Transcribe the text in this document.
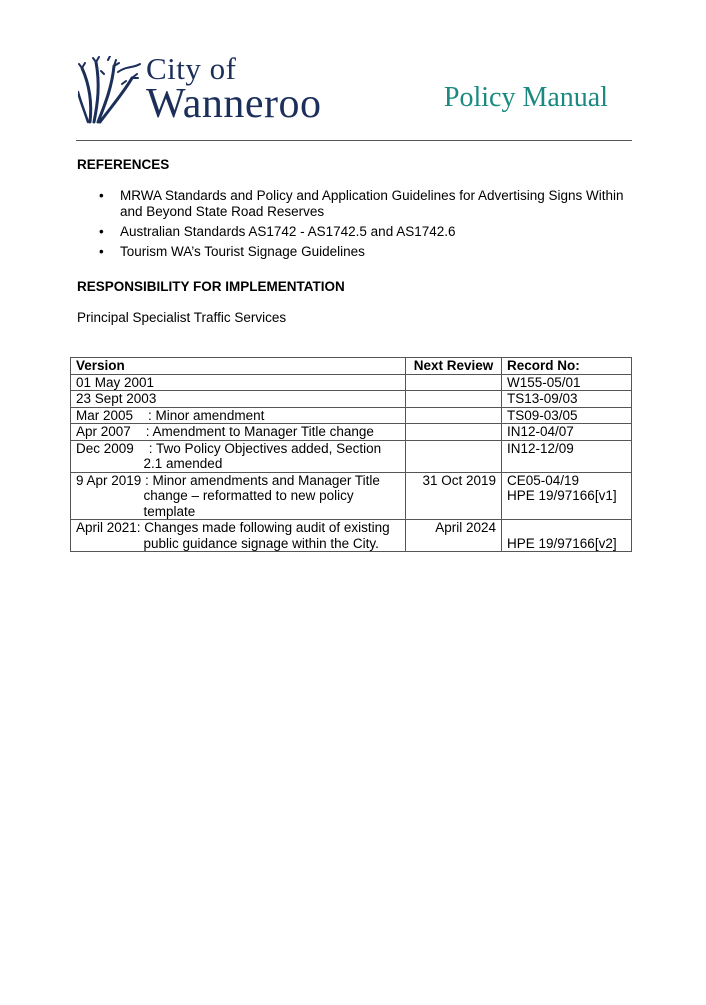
City of
Wanneroo	Policy Manual
REFERENCES
• MRWA Standards and Policy and Application Guidelines for Advertising Signs Within and Beyond State Road Reserves
• Australian Standards AS1742 - AS1742.5 and AS1742.6
• Tourism WA’s Tourist Signage Guidelines
RESPONSIBILITY FOR IMPLEMENTATION
Principal Specialist Traffic Services
Version	Next Review	Record No:
01 May 2001		W155-05/01

23 Sept 2003		TS13-09/03

Mar 2005    : Minor amendment		TS09-03/05

Apr 2007    : Amendment to Manager Title change		IN12-04/07

Dec 2009    : Two Policy Objectives added, Section
2.1 amended		IN12-12/09

9 Apr 2019 : Minor amendments and Manager Title
change – reformatted to new policy
template	31 Oct 2019	CE05-04/19
HPE 19/97166[v1]

April 2021: Changes made following audit of existing
public guidance signage within the City.	April 2024	HPE 19/97166[v2]
